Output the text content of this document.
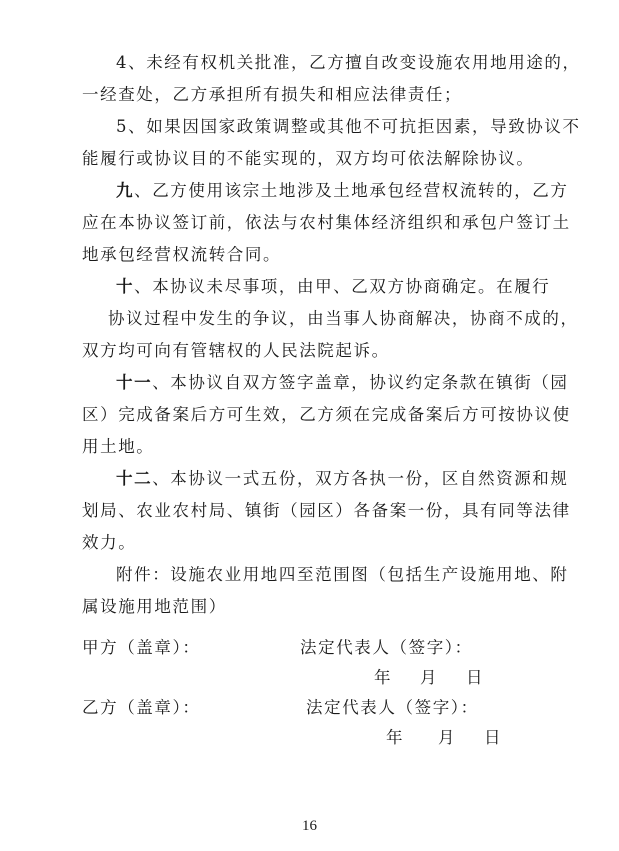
4、未经有权机关批准，乙方擅自改变设施农用地用途的，
一经查处，乙方承担所有损失和相应法律责任；
5、如果因国家政策调整或其他不可抗拒因素，导致协议不
能履行或协议目的不能实现的，双方均可依法解除协议。
九 、乙方使用该宗土地涉及土地承包经营权流转的，乙方
应在本协议签订前，依法与农村集体经济组织和承包户签订土
地承包经营权流转合同。
十、本协议未尽事项，由甲、乙双方协商确定。在履行
协议过程中发生的争议，由当事人协商解决，协商不成的，
双方均可向有管辖权的人民法院起诉。
十一 、本协议自双方签字盖章，协议约定条款在镇街（园
区）完成备案后方可生效，乙方须在完成备案后方可按协议使
用土地。
十二 、本协议一式五份，双方各执一份，区自然资源和规
划局、农业农村局、镇街（园区）各备案一份，具有同等法律
效力。
附件：设施农业用地四至范围图（包括生产设施用地、附
属设施用地范围）
甲方（盖章）：	法定代表人（签字）：
年 月 日
乙方（盖章）：	法定代表人（签字）：
年 月 日
16
